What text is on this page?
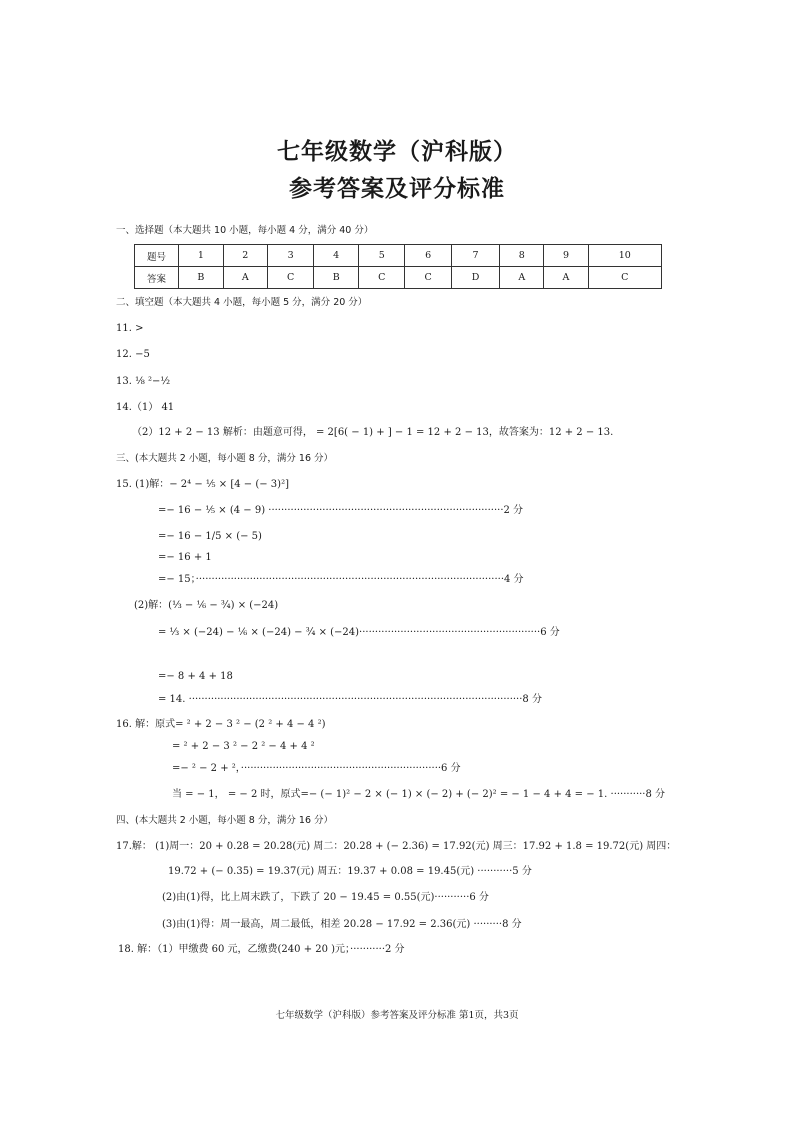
七年级数学（沪科版）
参考答案及评分标准
一、选择题（本大题共 10 小题，每小题 4 分，满分 40 分）
题号	1	2	3	4	5	6	7	8	9	10
答案	B	A	C	B	C	C	D	A	A	C
二、填空题（本大题共 4 小题，每小题 5 分，满分 20 分）
11. >
12. −5
13. ⅛ ²−½
14.（1） 41
（2）12 + 2 − 13 解析：由题意可得， = 2[6( − 1) + ] − 1 = 12 + 2 − 13，故答案为：12 + 2 − 13.
三、(本大题共 2 小题，每小题 8 分，满分 16 分）
15. (1)解：− 2⁴ − ⅕ × [4 − (− 3)²]
=− 16 − ⅕ × (4 − 9) ··········································································2 分
=− 16 − 1/5 × (− 5)
=− 16 + 1
=− 15；·································································································4 分
(2)解：(⅓ − ⅙ − ¾) × (−24)
= ⅓ × (−24) − ⅙ × (−24) − ¾ × (−24)·························································6 分
=− 8 + 4 + 18
= 14. ·········································································································8 分
16. 解：原式= ² + 2 − 3 ² − (2 ² + 4 − 4 ²)
= ² + 2 − 3 ² − 2 ² − 4 + 4 ²
=− ² − 2 + ²，·······························································6 分
当 = − 1， = − 2 时，原式=− (− 1)² − 2 × (− 1) × (− 2) + (− 2)² = − 1 − 4 + 4 = − 1. ···········8 分
四、(本大题共 2 小题，每小题 8 分，满分 16 分）
17.解： (1)周一：20 + 0.28 = 20.28(元) 周二：20.28 + (− 2.36) = 17.92(元) 周三：17.92 + 1.8 = 19.72(元) 周四：
19.72 + (− 0.35) = 19.37(元) 周五：19.37 + 0.08 = 19.45(元) ···········5 分
(2)由(1)得，比上周末跌了，下跌了 20 − 19.45 = 0.55(元)···········6 分
(3)由(1)得：周一最高，周二最低，相差 20.28 − 17.92 = 2.36(元) ·········8 分
18. 解：（1）甲缴费 60 元，乙缴费(240 + 20 )元；···········2 分
七年级数学（沪科版）参考答案及评分标准 第1页，共3页
